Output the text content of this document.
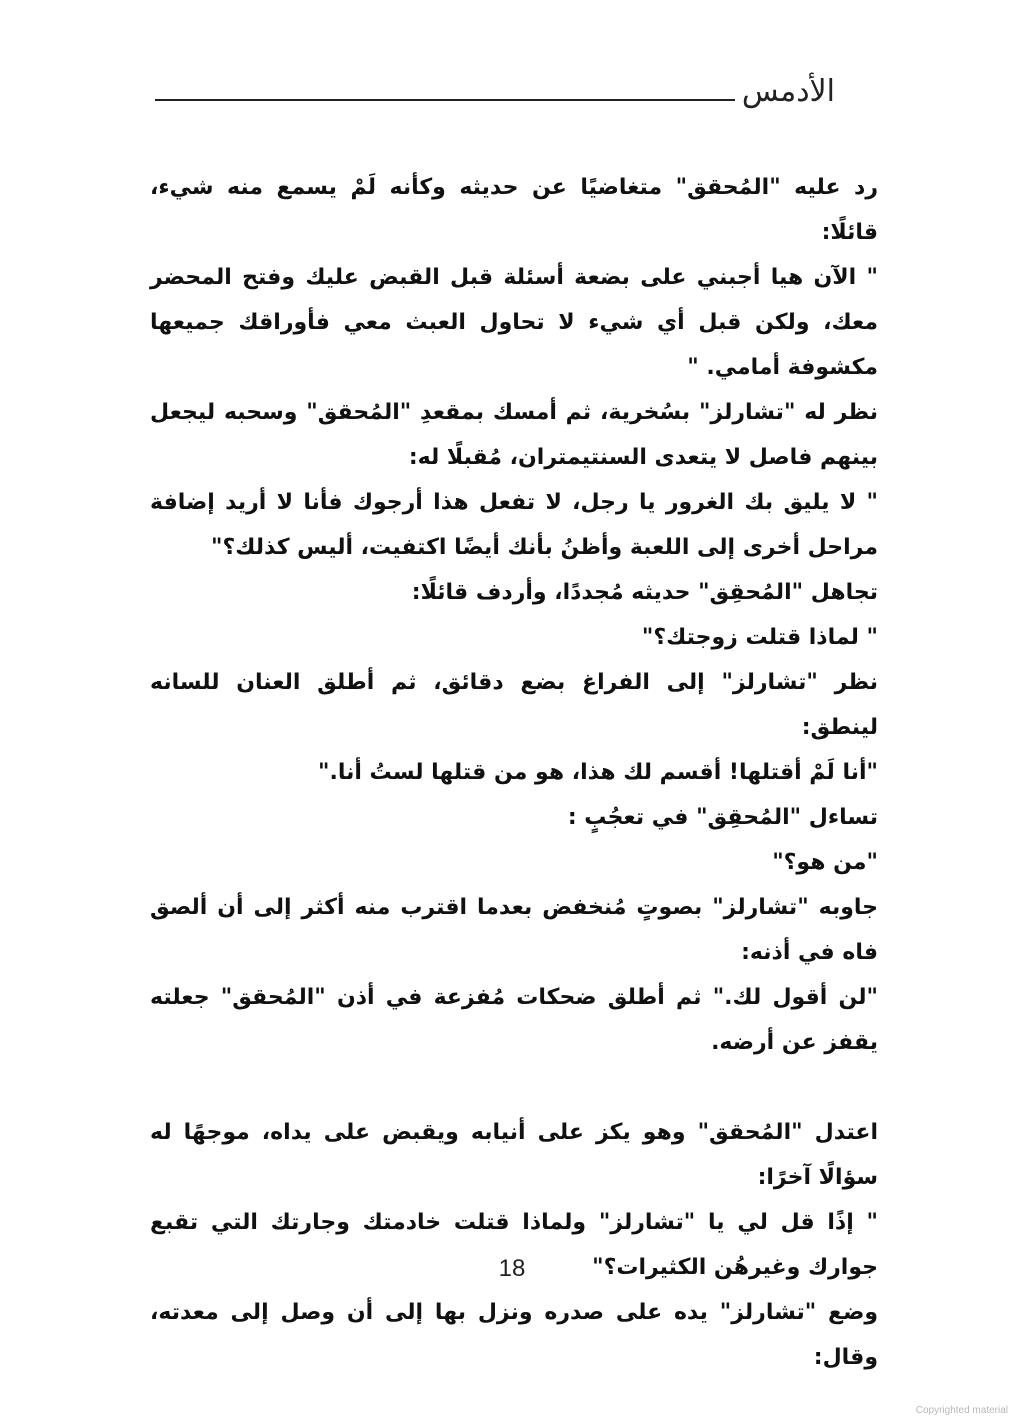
الأدمس

رد عليه "المُحقق" متغاضيًا عن حديثه وكأنه لَمْ يسمع منه شيء، قائلًا:

" الآن هيا أجبني على بضعة أسئلة قبل القبض عليك وفتح المحضر معك، ولكن قبل أي شيء لا تحاول العبث معي فأوراقك جميعها مكشوفة أمامي. "

نظر له "تشارلز" بسُخرية، ثم أمسك بمقعدِ "المُحقق" وسحبه ليجعل بينهم فاصل لا يتعدى السنتيمتران، مُقبلًا له:

" لا يليق بك الغرور يا رجل، لا تفعل هذا أرجوك فأنا لا أريد إضافة مراحل أخرى إلى اللعبة وأظنُ بأنك أيضًا اكتفيت، أليس كذلك؟"

تجاهل "المُحقِق" حديثه مُجددًا، وأردف قائلًا:

" لماذا قتلت زوجتك؟"

نظر "تشارلز" إلى الفراغ بضع دقائق، ثم أطلق العنان للسانه لينطق:

"أنا لَمْ أقتلها! أقسم لك هذا، هو من قتلها لستُ أنا."

تساءل "المُحقِق" في تعجُبٍ :

"من هو؟"

جاوبه "تشارلز" بصوتٍ مُنخفض بعدما اقترب منه أكثر إلى أن ألصق فاه في أذنه:

"لن أقول لك." ثم أطلق ضحكات مُفزعة في أذن "المُحقق" جعلته يقفز عن أرضه.

اعتدل "المُحقق" وهو يكز على أنيابه ويقبض على يداه، موجهًا له سؤالًا آخرًا:

" إذًا قل لي يا "تشارلز" ولماذا قتلت خادمتك وجارتك التي تقبع جوارك وغيرهُن الكثيرات؟"

وضع "تشارلز" يده على صدره ونزل بها إلى أن وصل إلى معدته، وقال:

18
Copyrighted material
